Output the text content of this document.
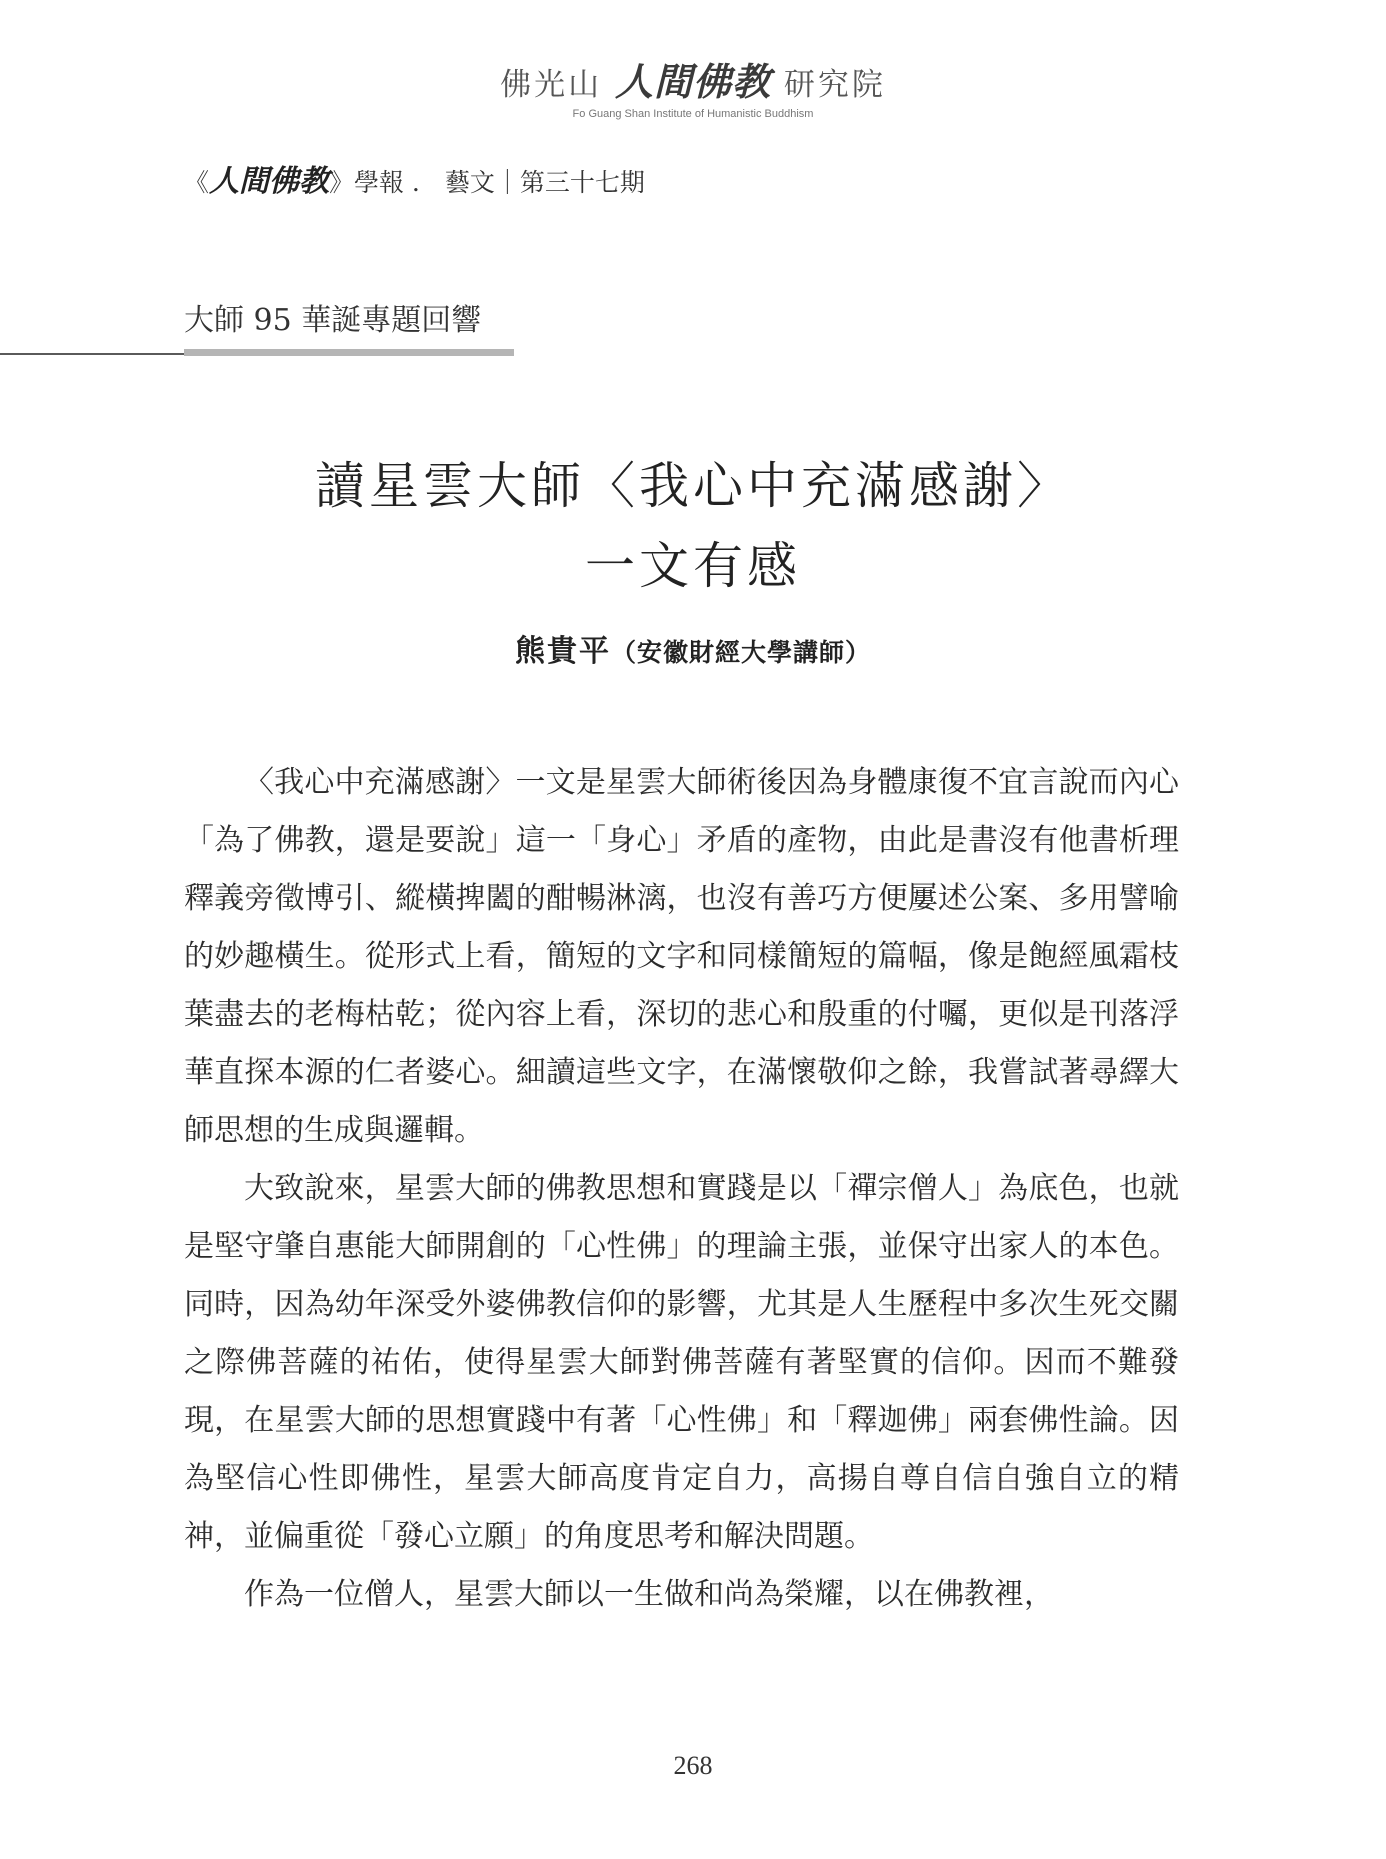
佛光山 人間佛教 研究院
Fo Guang Shan Institute of Humanistic Buddhism
《人間佛教》學報 ． 藝文｜第三十七期
大師 95 華誕專題回響
讀星雲大師〈我心中充滿感謝〉
一文有感
熊貴平（安徽財經大學講師）

〈我心中充滿感謝〉一文是星雲大師術後因為身體康復不宜言說而內心「為了佛教，還是要說」這一「身心」矛盾的產物，由此是書沒有他書析理釋義旁徵博引、縱橫捭闔的酣暢淋漓，也沒有善巧方便屢述公案、多用譬喻的妙趣橫生。從形式上看，簡短的文字和同樣簡短的篇幅，像是飽經風霜枝葉盡去的老梅枯乾；從內容上看，深切的悲心和殷重的付囑，更似是刊落浮華直探本源的仁者婆心。細讀這些文字，在滿懷敬仰之餘，我嘗試著尋繹大師思想的生成與邏輯。

大致說來，星雲大師的佛教思想和實踐是以「禪宗僧人」為底色，也就是堅守肇自惠能大師開創的「心性佛」的理論主張，並保守出家人的本色。同時，因為幼年深受外婆佛教信仰的影響，尤其是人生歷程中多次生死交關之際佛菩薩的祐佑，使得星雲大師對佛菩薩有著堅實的信仰。因而不難發現，在星雲大師的思想實踐中有著「心性佛」和「釋迦佛」兩套佛性論。因為堅信心性即佛性，星雲大師高度肯定自力，高揚自尊自信自強自立的精神，並偏重從「發心立願」的角度思考和解決問題。

作為一位僧人，星雲大師以一生做和尚為榮耀，以在佛教裡，

268
